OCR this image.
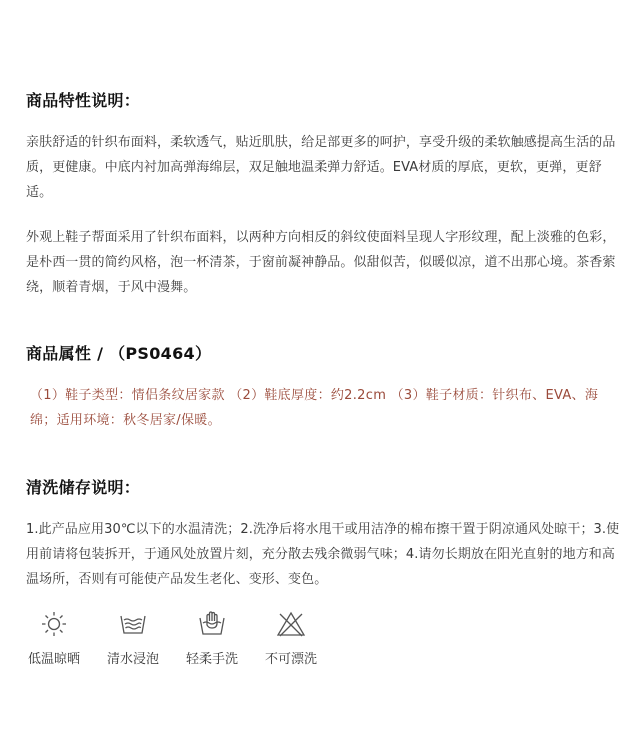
商品特性说明：

亲肤舒适的针织布面料，柔软透气，贴近肌肤，给足部更多的呵护，享受升级的柔软触感提高生活的品质，更健康。中底内衬加高弹海绵层，双足触地温柔弹力舒适。EVA材质的厚底，更软，更弹，更舒适。

外观上鞋子帮面采用了针织布面料，以两种方向相反的斜纹使面料呈现人字形纹理，配上淡雅的色彩，是朴西一贯的简约风格，泡一杯清茶，于窗前凝神静品。似甜似苦，似暖似凉，道不出那心境。茶香萦绕，顺着青烟，于风中漫舞。

商品属性 / （PS0464）

（1）鞋子类型：情侣条纹居家款 （2）鞋底厚度：约2.2cm （3）鞋子材质：针织布、EVA、海 绵；适用环境：秋冬居家/保暖。

清洗储存说明：

1.此产品应用30℃以下的水温清洗；2.洗净后将水甩干或用洁净的棉布擦干置于阴凉通风处晾干；3.使用前请将包装拆开，于通风处放置片刻，充分散去残余微弱气味；4.请勿长期放在阳光直射的地方和高温场所，否则有可能使产品发生老化、变形、变色。

低温晾晒 清水浸泡 轻柔手洗 不可漂洗
